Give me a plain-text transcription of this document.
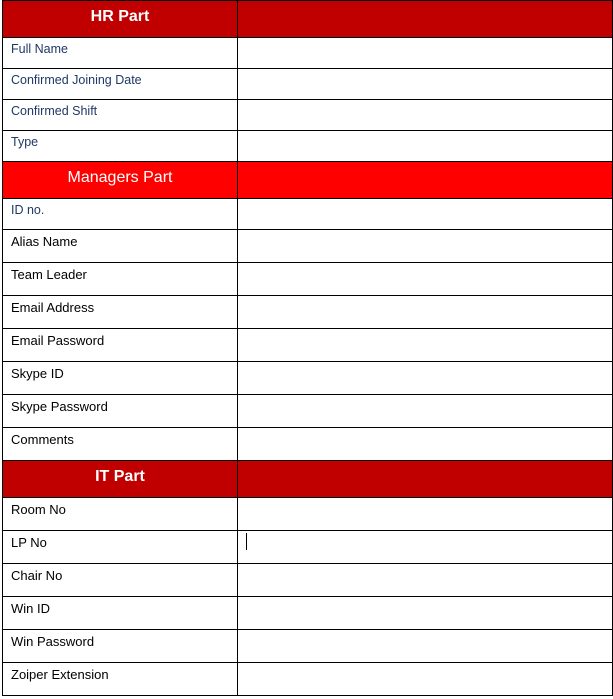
HR Part	

Full Name	

Confirmed Joining Date	

Confirmed Shift	

Type	

Managers Part	

ID no.	

Alias Name	

Team Leader	

Email Address	

Email Password	

Skype ID	

Skype Password	

Comments	

IT Part	

Room No	

LP No	

Chair No	

Win ID	

Win Password	

Zoiper Extension	
